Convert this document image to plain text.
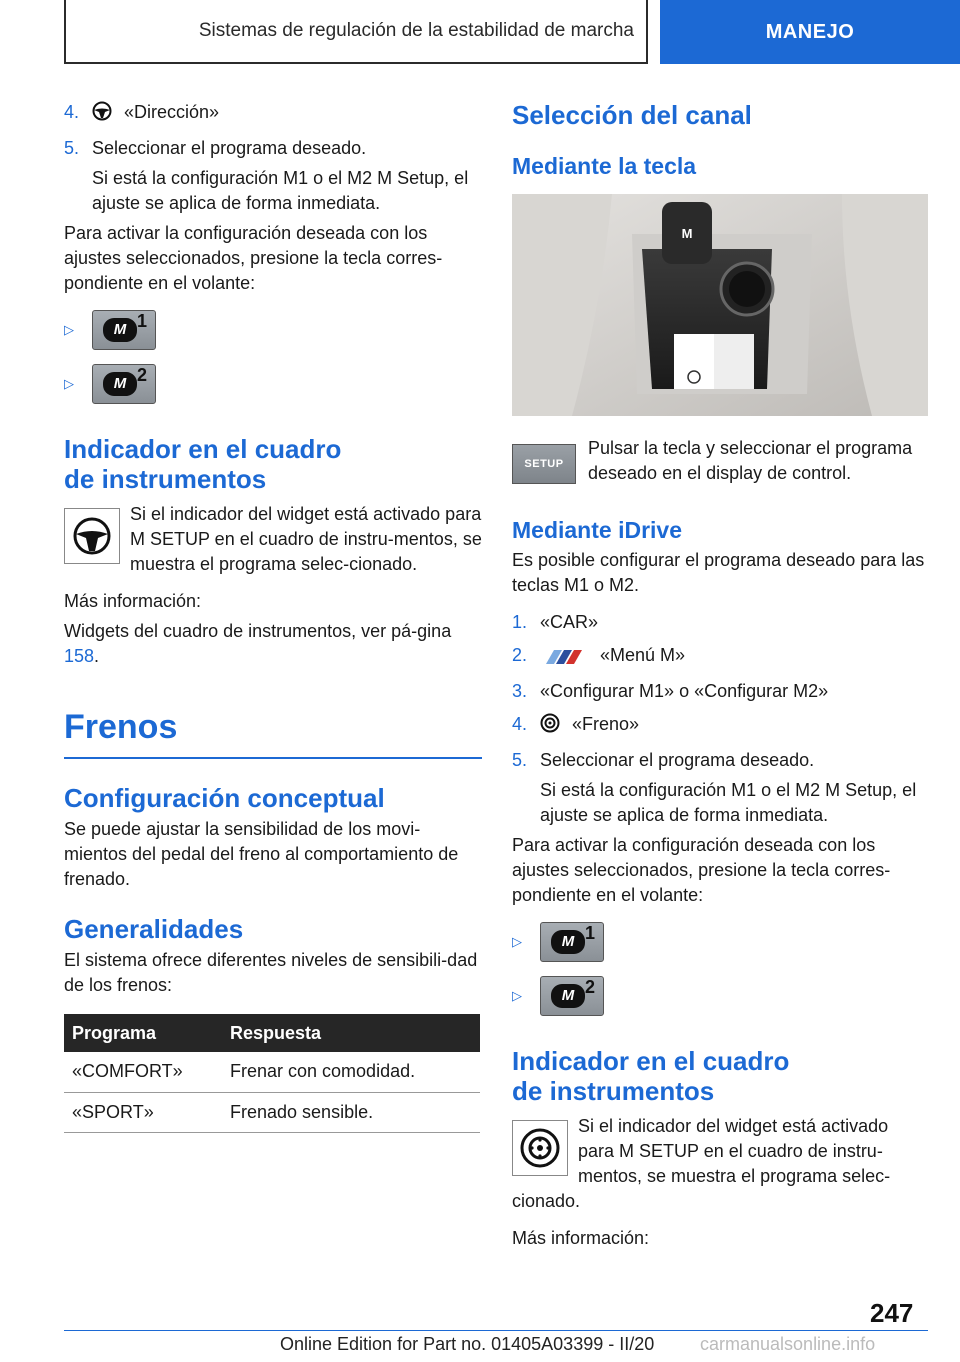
Sistemas de regulación de la estabilidad de marcha	MANEJO
4.	«Dirección»
5. Seleccionar el programa deseado.

Si está la configuración M1 o el M2 M Setup, el ajuste se aplica de forma inmediata.

Para activar la configuración deseada con los ajustes seleccionados, presione la tecla corres‐pondiente en el volante:

▷	M 1
▷	M 2
Indicador en el cuadro
de instrumentos

Si el indicador del widget está activado para M SETUP en el cuadro de instru‐mentos, se muestra el programa selec‐cionado.

Más información:

Widgets del cuadro de instrumentos, ver pá‐gina 158.

Frenos
Configuración conceptual

Se puede ajustar la sensibilidad de los movi‐mientos del pedal del freno al comportamiento de frenado.

Generalidades

El sistema ofrece diferentes niveles de sensibili‐dad de los frenos:

Programa	Respuesta
«COMFORT»	Frenar con comodidad.
«SPORT»	Frenado sensible.
Selección del canal
Mediante la tecla
M
SETUP

Pulsar la tecla y seleccionar el programa deseado en el display de control.

Mediante iDrive

Es posible configurar el programa deseado para las teclas M1 o M2.

1. «CAR»
2.	«Menú M»
3. «Configurar M1» o «Configurar M2»
4.	«Freno»
5. Seleccionar el programa deseado.

Si está la configuración M1 o el M2 M Setup, el ajuste se aplica de forma inmediata.

Para activar la configuración deseada con los ajustes seleccionados, presione la tecla corres‐pondiente en el volante:

▷	M 1
▷	M 2
Indicador en el cuadro
de instrumentos

Si el indicador del widget está activado para M SETUP en el cuadro de instru‐mentos, se muestra el programa selec‐cionado.

Más información:

247
Online Edition for Part no. 01405A03399 - II/20	carmanualsonline.info
